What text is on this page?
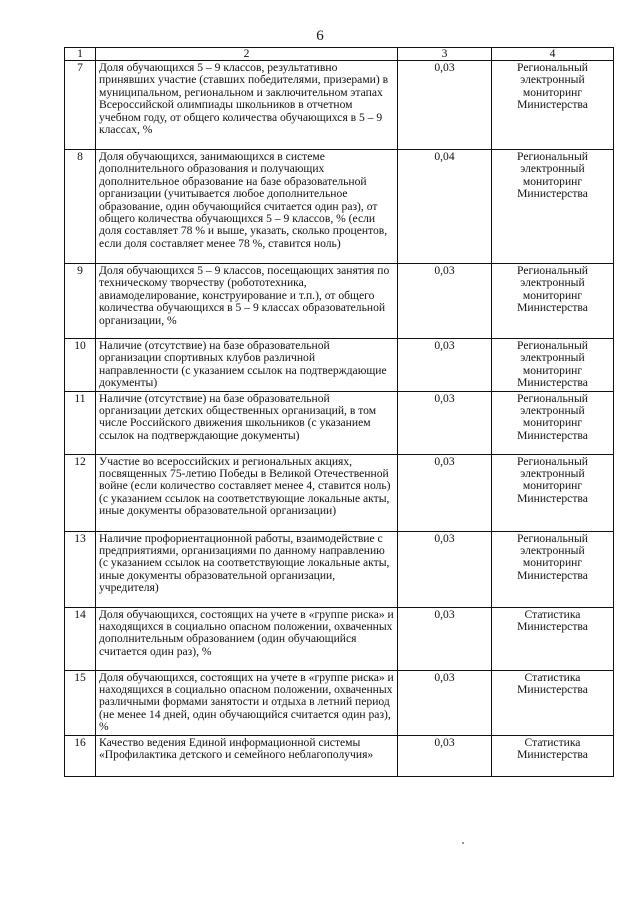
6
1	2	3	4
7	Доля обучающихся 5 – 9 классов, результативно принявших участие (ставших победителями, призерами) в муниципальном, региональном и заключительном этапах Всероссийской олимпиады школьников в отчетном учебном году, от общего количества обучающихся в 5 – 9 классах, %	0,03	Региональный электронный мониторинг Министерства
8	Доля обучающихся, занимающихся в системе дополнительного образования и получающих дополнительное образование на базе образовательной организации (учитывается любое дополнительное образование, один обучающийся считается один раз), от общего количества обучающихся 5 – 9 классов, % (если доля составляет 78 % и выше, указать, сколько процентов, если доля составляет менее 78 %, ставится ноль)	0,04	Региональный электронный мониторинг Министерства
9	Доля обучающихся 5 – 9 классов, посещающих занятия по техническому творчеству (робототехника, авиамоделирование, конструирование и т.п.), от общего количества обучающихся в 5 – 9 классах образовательной организации, %	0,03	Региональный электронный мониторинг Министерства
10	Наличие (отсутствие) на базе образовательной организации спортивных клубов различной направленности (с указанием ссылок на подтверждающие документы)	0,03	Региональный электронный мониторинг Министерства
11	Наличие (отсутствие) на базе образовательной организации детских общественных организаций, в том числе Российского движения школьников (с указанием ссылок на подтверждающие документы)	0,03	Региональный электронный мониторинг Министерства
12	Участие во всероссийских и региональных акциях, посвященных 75-летию Победы в Великой Отечественной войне (если количество составляет менее 4, ставится ноль) (с указанием ссылок на соответствующие локальные акты, иные документы образовательной организации)	0,03	Региональный электронный мониторинг Министерства
13	Наличие профориентационной работы, взаимодействие с предприятиями, организациями по данному направлению (с указанием ссылок на соответствующие локальные акты, иные документы образовательной организации, учредителя)	0,03	Региональный электронный мониторинг Министерства
14	Доля обучающихся, состоящих на учете в «группе риска» и находящихся в социально опасном положении, охваченных дополнительным образованием (один обучающийся считается один раз), %	0,03	Статистика Министерства
15	Доля обучающихся, состоящих на учете в «группе риска» и находящихся в социально опасном положении, охваченных различными формами занятости и отдыха в летний период (не менее 14 дней, один обучающийся считается один раз), %	0,03	Статистика Министерства
16	Качество ведения Единой информационной системы «Профилактика детского и семейного неблагополучия»	0,03	Статистика Министерства
